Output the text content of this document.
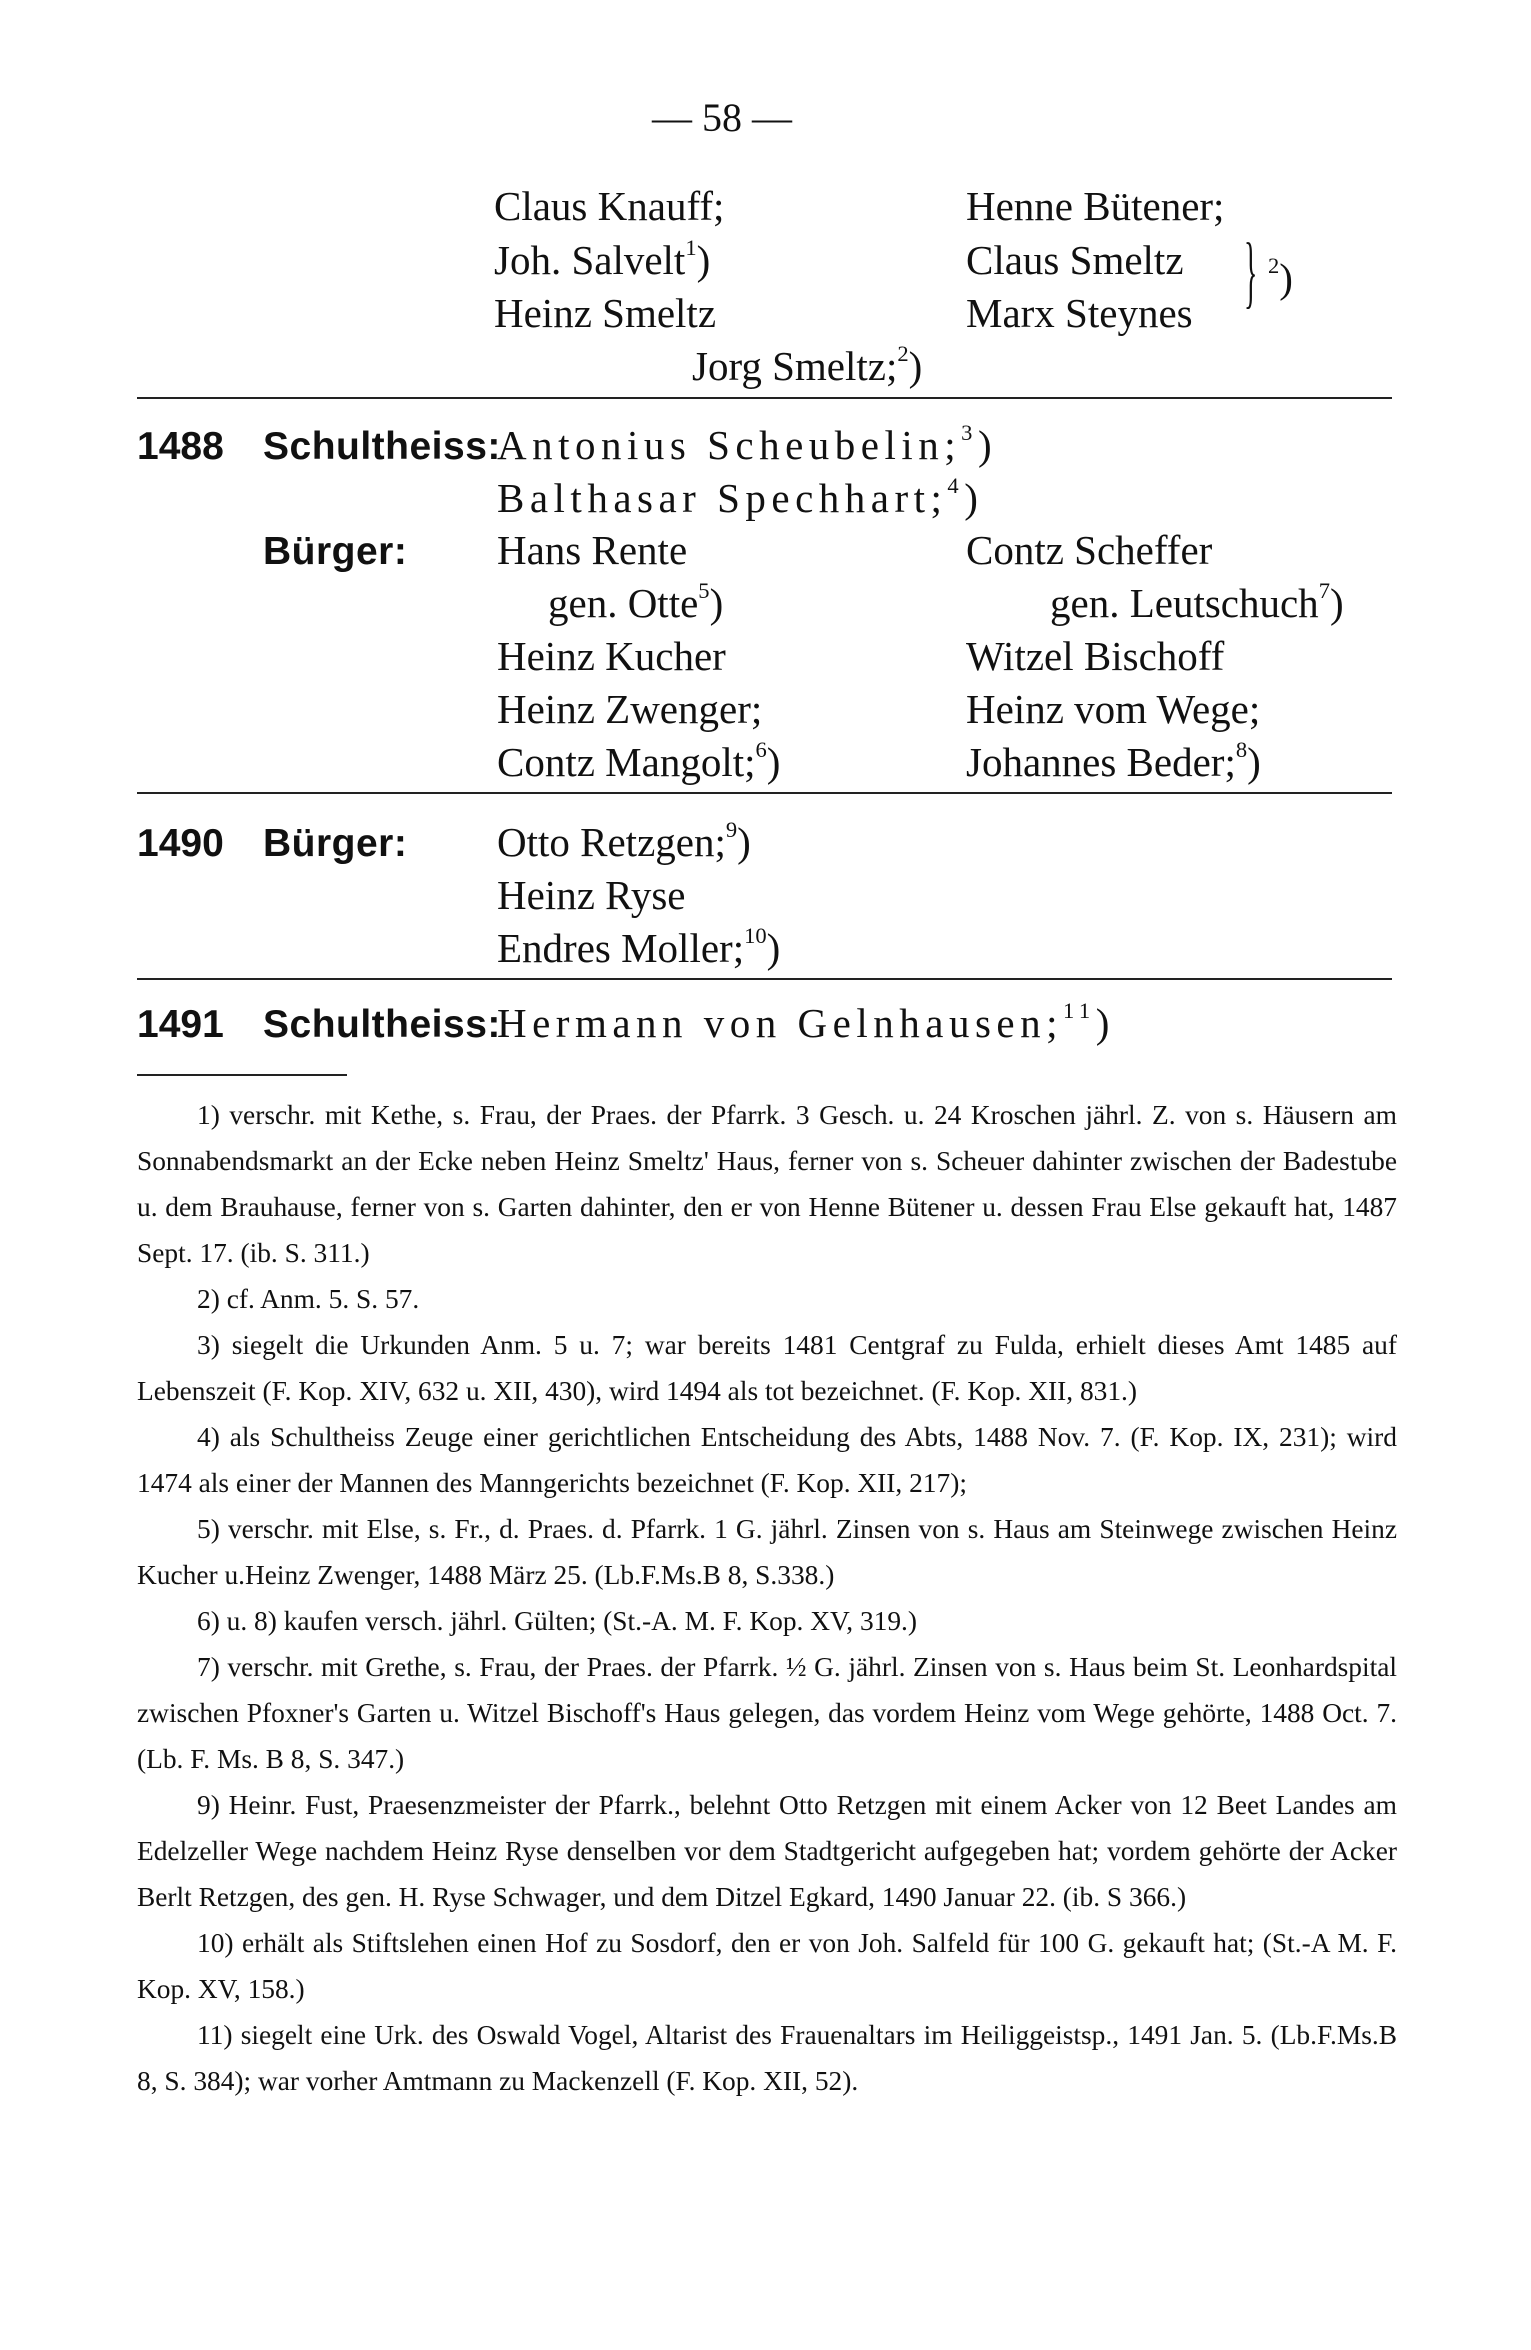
— 58 —
Claus Knauff;
Joh. Salvelt$^1$)
Heinz Smeltz
Henne Bütener;
Claus Smeltz
Marx Steynes } $^2$)
Jorg Smeltz;$^2$)
1488 Schultheiss:
Antonius Scheubelin;$^3$)
Balthasar Spechhart;$^4$)
Bürger: Hans Rente
gen. Otte$^5$)
Heinz Kucher
Heinz Zwenger;
Contz Mangolt;$^6$)
Contz Scheffer
gen. Leutschuch$^7$)
Witzel Bischoff
Heinz vom Wege;
Johannes Beder;$^8$)
1490 Bürger: Otto Retzgen;$^9$)
Heinz Ryse
Endres Moller;$^{10}$)
1491 Schultheiss:
Hermann von Gelnhausen;$^{11}$)

1) verschr. mit Kethe, s. Frau, der Praes. der Pfarrk. 3 Gesch. u. 24 Kroschen jährl. Z. von s. Häusern am Sonnabendsmarkt an der Ecke neben Heinz Smeltz' Haus, ferner von s. Scheuer dahinter zwischen der Badestube u. dem Brauhause, ferner von s. Garten dahinter, den er von Henne Bütener u. dessen Frau Else gekauft hat, 1487 Sept. 17. (ib. S. 311.)

2) cf. Anm. 5. S. 57.

3) siegelt die Urkunden Anm. 5 u. 7; war bereits 1481 Centgraf zu Fulda, erhielt dieses Amt 1485 auf Lebenszeit (F. Kop. XIV, 632 u. XII, 430), wird 1494 als tot bezeichnet. (F. Kop. XII, 831.)

4) als Schultheiss Zeuge einer gerichtlichen Entscheidung des Abts, 1488 Nov. 7. (F. Kop. IX, 231); wird 1474 als einer der Mannen des Manngerichts bezeichnet (F. Kop. XII, 217);

5) verschr. mit Else, s. Fr., d. Praes. d. Pfarrk. 1 G. jährl. Zinsen von s. Haus am Steinwege zwischen Heinz Kucher u.Heinz Zwenger, 1488 März 25. (Lb.F.Ms.B 8, S.338.)

6) u. 8) kaufen versch. jährl. Gülten; (St.-A. M. F. Kop. XV, 319.)

7) verschr. mit Grethe, s. Frau, der Praes. der Pfarrk. ½ G. jährl. Zinsen von s. Haus beim St. Leonhardspital zwischen Pfoxner's Garten u. Witzel Bischoff's Haus gelegen, das vordem Heinz vom Wege gehörte, 1488 Oct. 7. (Lb. F. Ms. B 8, S. 347.)

9) Heinr. Fust, Praesenzmeister der Pfarrk., belehnt Otto Retzgen mit einem Acker von 12 Beet Landes am Edelzeller Wege nachdem Heinz Ryse denselben vor dem Stadtgericht aufgegeben hat; vordem gehörte der Acker Berlt Retzgen, des gen. H. Ryse Schwager, und dem Ditzel Egkard, 1490 Januar 22. (ib. S 366.)

10) erhält als Stiftslehen einen Hof zu Sosdorf, den er von Joh. Salfeld für 100 G. gekauft hat; (St.-A M. F. Kop. XV, 158.)

11) siegelt eine Urk. des Oswald Vogel, Altarist des Frauenaltars im Heiliggeistsp., 1491 Jan. 5. (Lb.F.Ms.B 8, S. 384); war vorher Amtmann zu Mackenzell (F. Kop. XII, 52).
